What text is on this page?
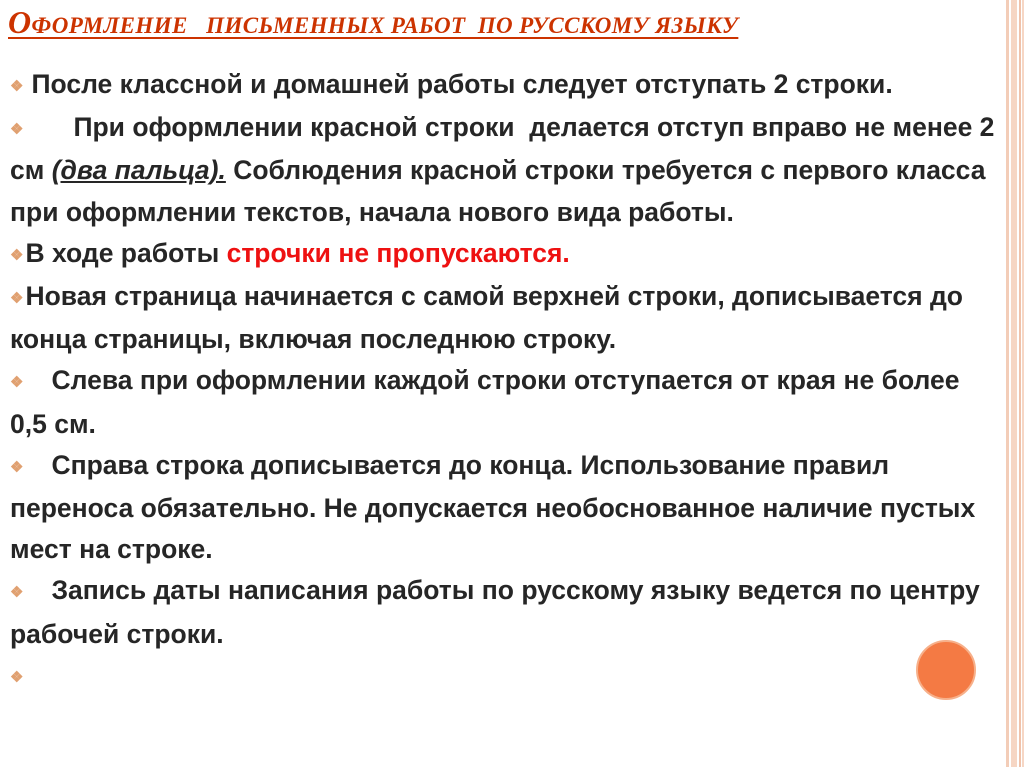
ОФОРМЛЕНИЕ   ПИСЬМЕННЫХ РАБОТ  ПО РУССКОМУ ЯЗЫКУ

❖ После классной и домашней работы следует отступать 2 строки.

❖ При оформлении красной строки  делается отступ вправо не менее 2 см (два пальца). Соблюдения красной строки требуется с первого класса при оформлении текстов, начала нового вида работы.

❖В ходе работы строчки не пропускаются.

❖Новая страница начинается с самой верхней строки, дописывается до конца страницы, включая последнюю строку.

❖ Слева при оформлении каждой строки отступается от края не более 0,5 см.

❖ Справа строка дописывается до конца. Использование правил переноса обязательно. Не допускается необоснованное наличие пустых мест на строке.

❖ Запись даты написания работы по русскому языку ведется по центру рабочей строки.

❖
